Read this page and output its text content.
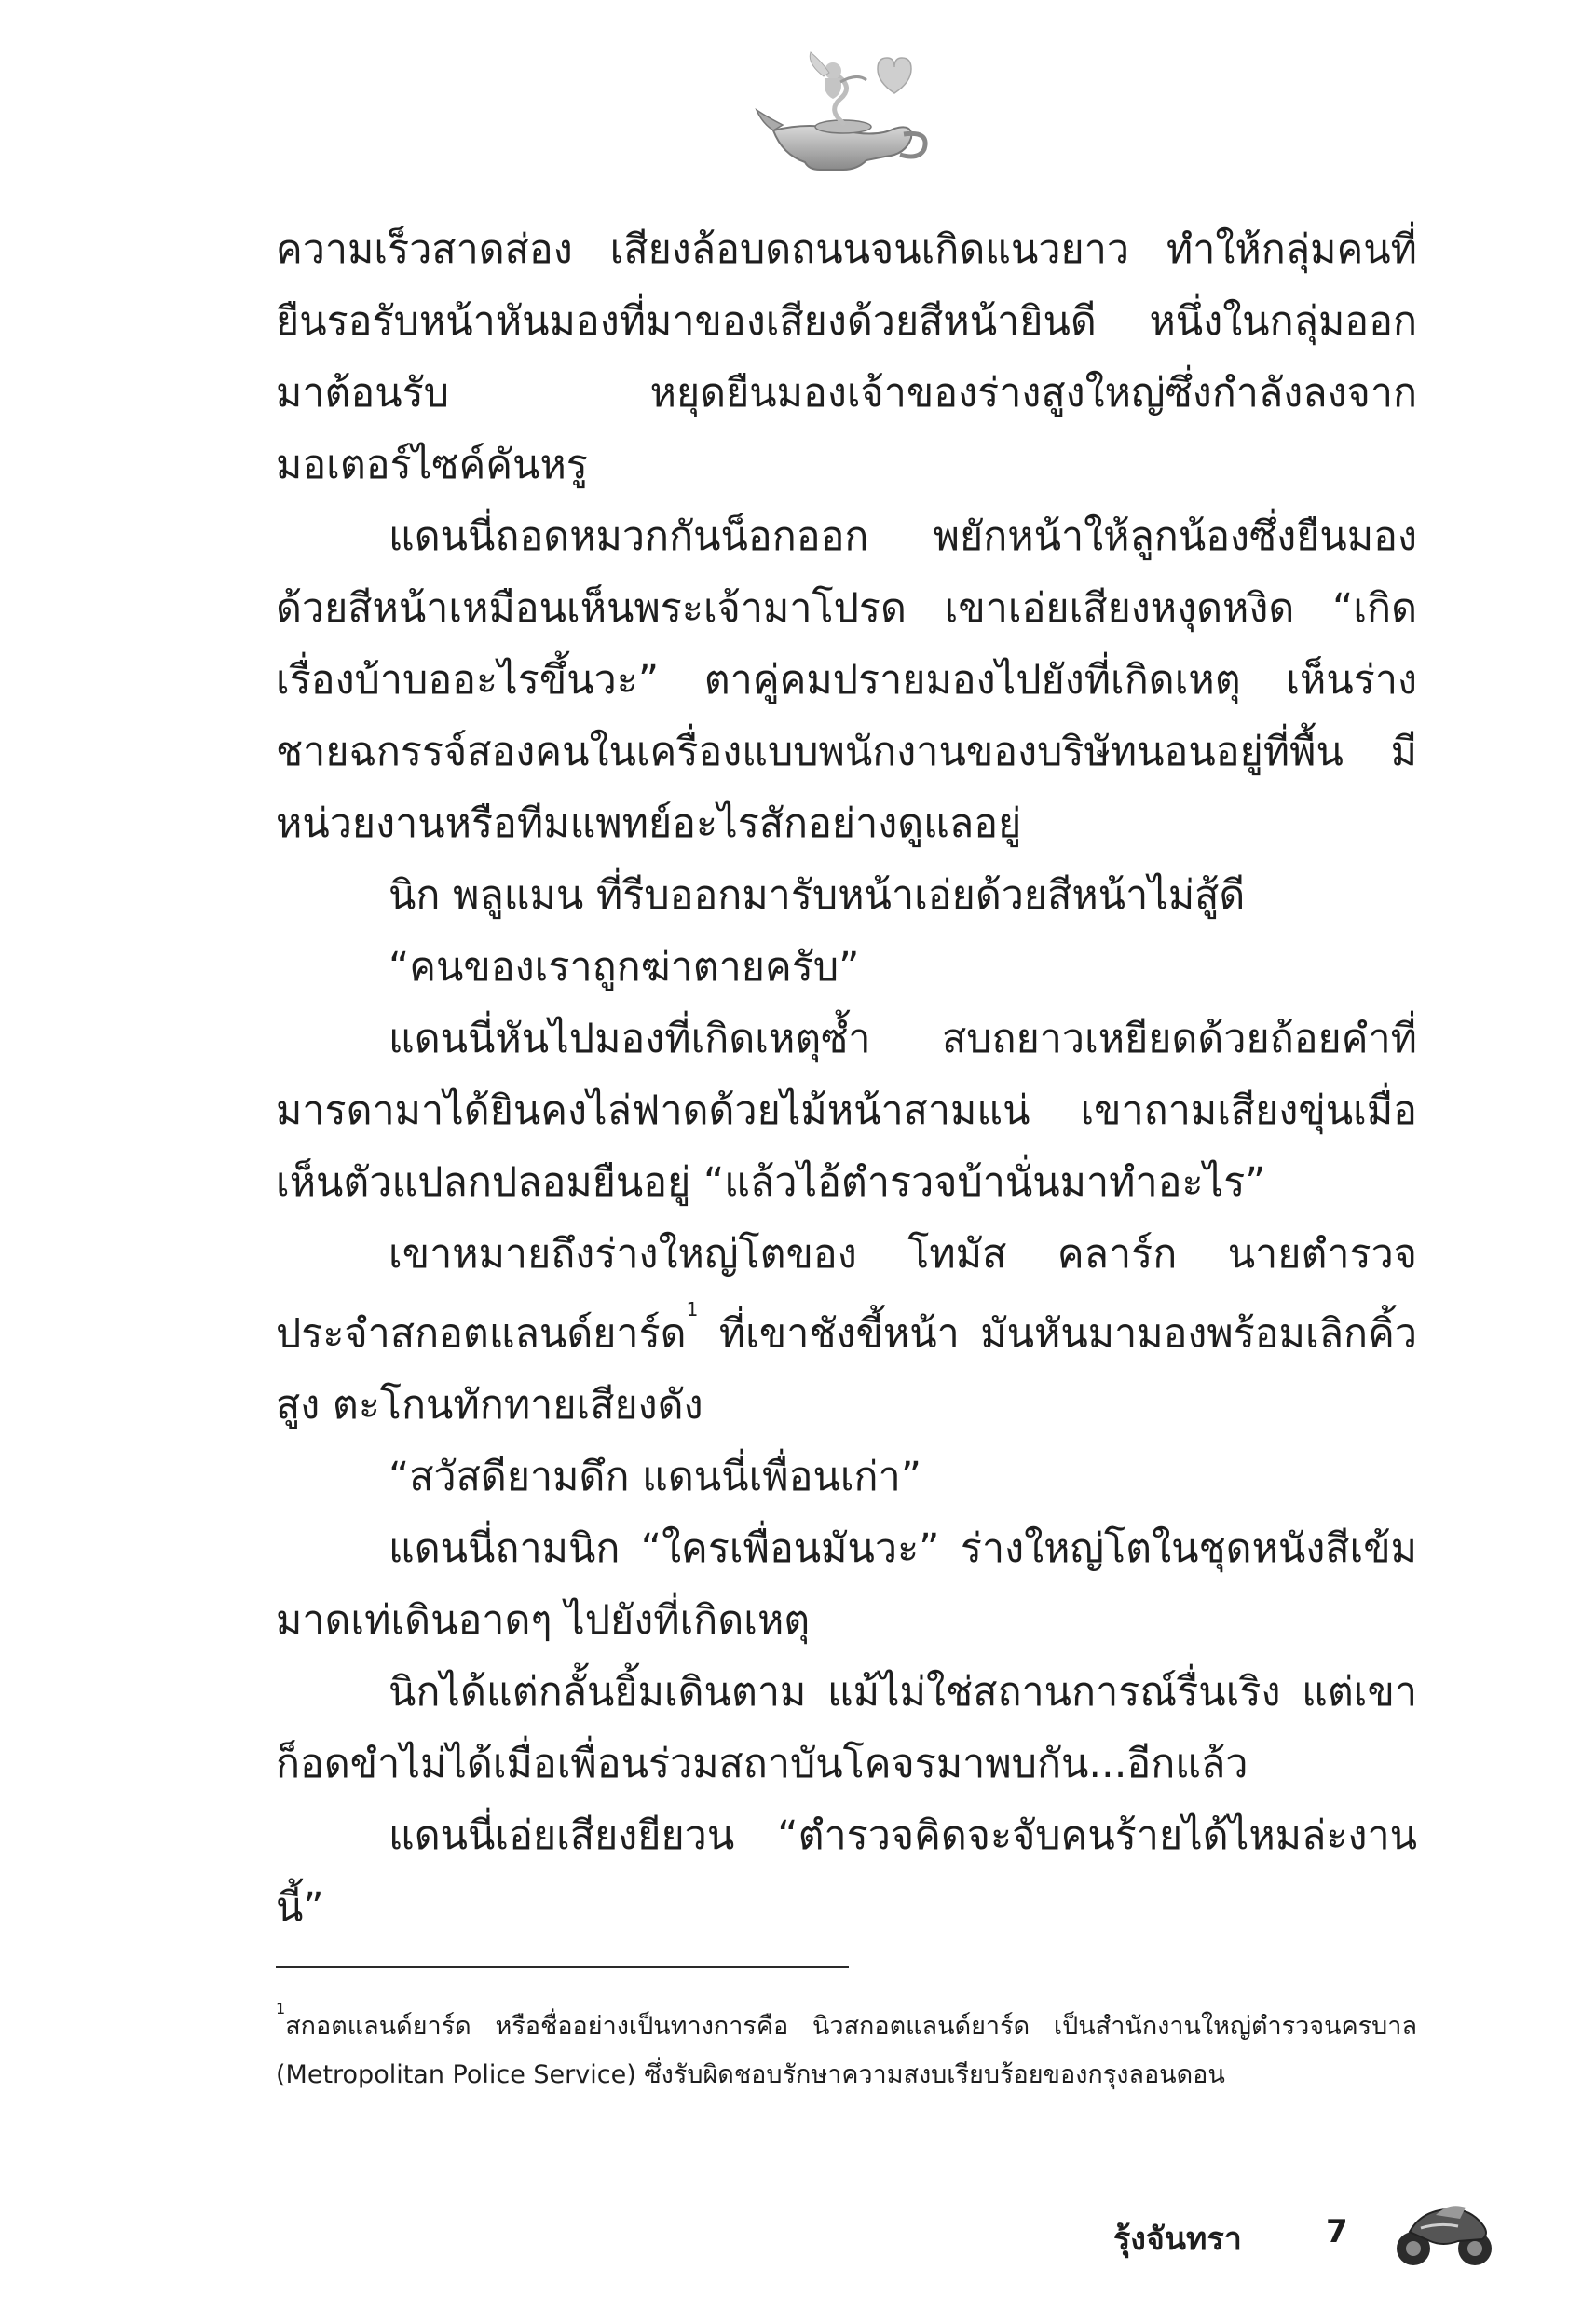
ความเร็วสาดส่อง เสียงล้อบดถนนจนเกิดแนวยาว ทำให้กลุ่มคนที่ยืนรอรับหน้าหันมองที่มาของเสียงด้วยสีหน้ายินดี หนึ่งในกลุ่มออกมาต้อนรับ หยุดยืนมองเจ้าของร่างสูงใหญ่ซึ่งกำลังลงจากมอเตอร์ไซค์คันหรู

แดนนี่ถอดหมวกกันน็อกออก พยักหน้าให้ลูกน้องซึ่งยืนมองด้วยสีหน้าเหมือนเห็นพระเจ้ามาโปรด เขาเอ่ยเสียงหงุดหงิด “เกิดเรื่องบ้าบออะไรขึ้นวะ” ตาคู่คมปรายมองไปยังที่เกิดเหตุ เห็นร่างชายฉกรรจ์สองคนในเครื่องแบบพนักงานของบริษัทนอนอยู่ที่พื้น มีหน่วยงานหรือทีมแพทย์อะไรสักอย่างดูแลอยู่

นิก พลูแมน ที่รีบออกมารับหน้าเอ่ยด้วยสีหน้าไม่สู้ดี

“คนของเราถูกฆ่าตายครับ”

แดนนี่หันไปมองที่เกิดเหตุซ้ำ สบถยาวเหยียดด้วยถ้อยคำที่มารดามาได้ยินคงไล่ฟาดด้วยไม้หน้าสามแน่ เขาถามเสียงขุ่นเมื่อเห็นตัวแปลกปลอมยืนอยู่ “แล้วไอ้ตำรวจบ้านั่นมาทำอะไร”

เขาหมายถึงร่างใหญ่โตของ โทมัส คลาร์ก นายตำรวจประจำสกอตแลนด์ยาร์ด$^1$ ที่เขาชังขี้หน้า มันหันมามองพร้อมเลิกคิ้วสูง ตะโกนทักทายเสียงดัง

“สวัสดียามดึก แดนนี่เพื่อนเก่า”

แดนนี่ถามนิก “ใครเพื่อนมันวะ” ร่างใหญ่โตในชุดหนังสีเข้มมาดเท่เดินอาดๆ ไปยังที่เกิดเหตุ

นิกได้แต่กลั้นยิ้มเดินตาม แม้ไม่ใช่สถานการณ์รื่นเริง แต่เขาก็อดขำไม่ได้เมื่อเพื่อนร่วมสถาบันโคจรมาพบกัน...อีกแล้ว

แดนนี่เอ่ยเสียงยียวน “ตำรวจคิดจะจับคนร้ายได้ไหมล่ะงานนี้”

$^1$สกอตแลนด์ยาร์ด หรือชื่ออย่างเป็นทางการคือ นิวสกอตแลนด์ยาร์ด เป็นสำนักงานใหญ่ตำรวจนครบาล (Metropolitan Police Service) ซึ่งรับผิดชอบรักษาความสงบเรียบร้อยของกรุงลอนดอน
รุ้งจันทรา	7
